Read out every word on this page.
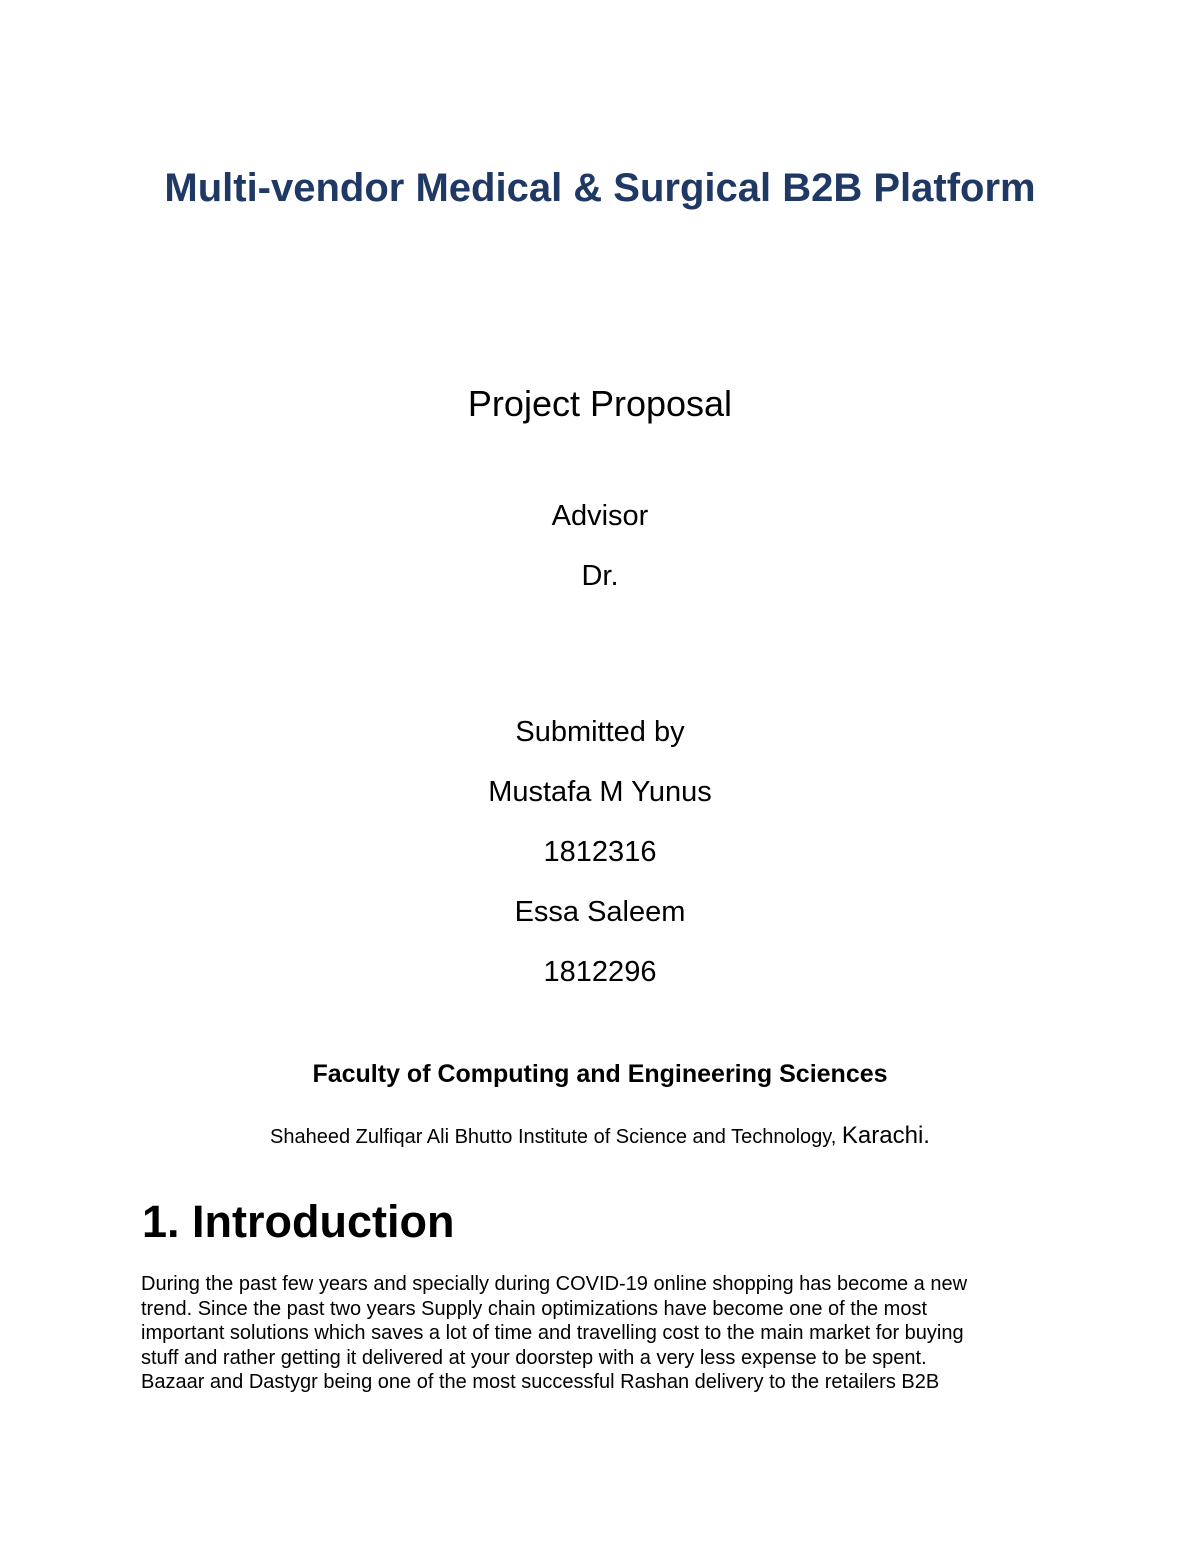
Multi-vendor Medical & Surgical B2B Platform
Project Proposal
Advisor
Dr.
Submitted by
Mustafa M Yunus
1812316
Essa Saleem
1812296
Faculty of Computing and Engineering Sciences
Shaheed Zulfiqar Ali Bhutto Institute of Science and Technology, Karachi.
1. Introduction
During the past few years and specially during COVID-19 online shopping has become a new
trend. Since the past two years Supply chain optimizations have become one of the most
important solutions which saves a lot of time and travelling cost to the main market for buying
stuff and rather getting it delivered at your doorstep with a very less expense to be spent.
Bazaar and Dastygr being one of the most successful Rashan delivery to the retailers B2B
